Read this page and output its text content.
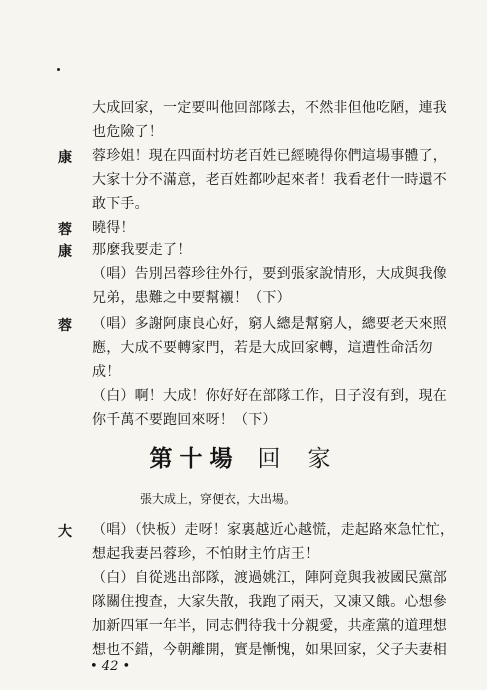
大成回家，一定要叫他回部隊去，不然非但他吃陋，連我
也危險了！
康 蓉珍姐！現在四面村坊老百姓已經曉得你們這場事體了，
大家十分不滿意，老百姓都吵起來者！我看老什一時還不
敢下手。
蓉 曉得！
康 那麼我要走了！
（唱）告別呂蓉珍往外行，要到張家說情形，大成與我像
兄弟，患難之中要幫襯！（下）
蓉 （唱）多謝阿康良心好，窮人總是幫窮人，總要老天來照
應，大成不要轉家門，若是大成回家轉，這遭性命活勿
成！
（白）啊！大成！你好好在部隊工作，日子沒有到，現在
你千萬不要跑回來呀！（下）
第十場 回 家
張大成上，穿便衣，大出場。
大 （唱）（快板）走呀！家裏越近心越慌，走起路來急忙忙，
想起我妻呂蓉珍，不怕財主竹店王！
（白）自從逃出部隊，渡過姚江，陣阿竟與我被國民黨部
隊關住搜查，大家失散，我跑了兩天，又凍又餓。心想參
加新四軍一年半，同志們待我十分親愛，共產黨的道理想
想也不錯，今朝離開，實是慚愧，如果回家，父子夫妻相
• 42 •
